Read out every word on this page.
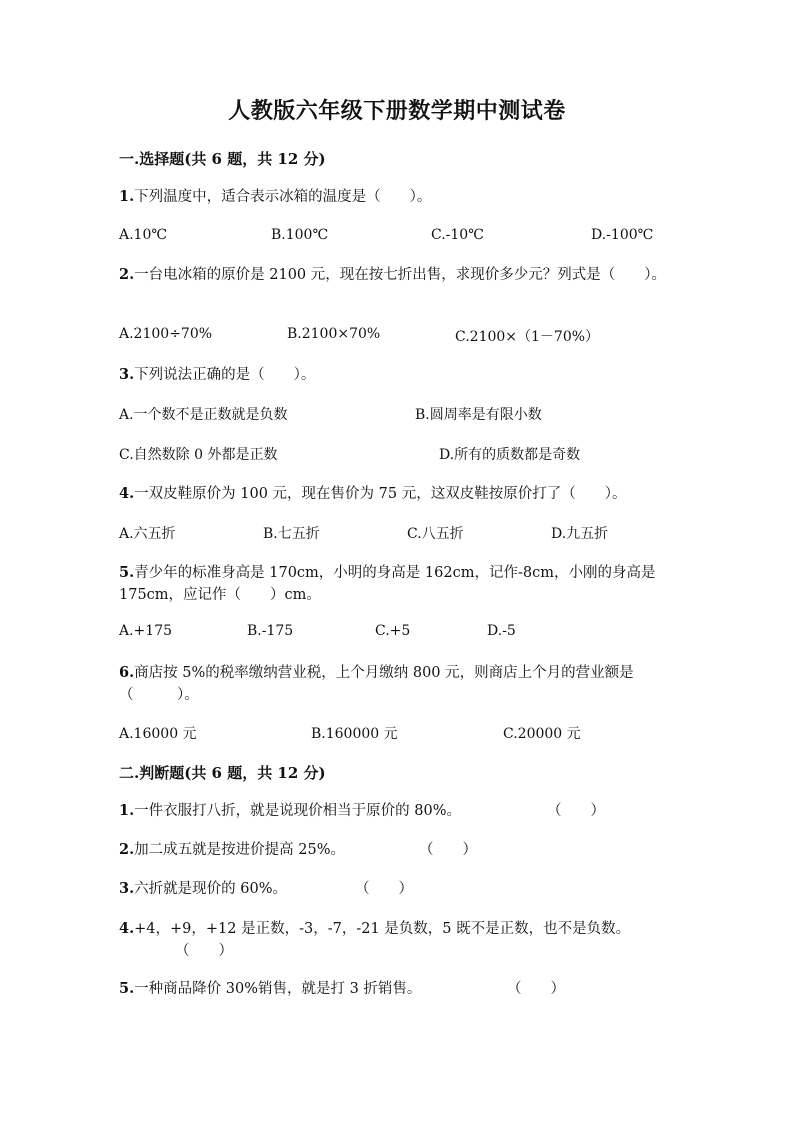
人教版六年级下册数学期中测试卷
一.选择题(共 6 题，共 12 分)
1.下列温度中，适合表示冰箱的温度是（　　）。
A.10℃	B.100℃	C.-10℃	D.-100℃
2.一台电冰箱的原价是 2100 元，现在按七折出售，求现价多少元？列式是（　　）。
A.2100÷70%	B.2100×70%	C.2100×（1－70%）
3.下列说法正确的是（　　）。
A.一个数不是正数就是负数	B.圆周率是有限小数
C.自然数除 0 外都是正数	D.所有的质数都是奇数
4.一双皮鞋原价为 100 元，现在售价为 75 元，这双皮鞋按原价打了（　　）。
A.六五折	B.七五折	C.八五折	D.九五折
5.青少年的标准身高是 170cm，小明的身高是 162cm，记作-8cm，小刚的身高是 175cm，应记作（　　）cm。
A.+175	B.-175	C.+5	D.-5
6.商店按 5%的税率缴纳营业税，上个月缴纳 800 元，则商店上个月的营业额是（　　　）。
A.16000 元	B.160000 元	C.20000 元
二.判断题(共 6 题，共 12 分)
1.一件衣服打八折，就是说现价相当于原价的 80%。	（　　）
2.加二成五就是按进价提高 25%。	（　　）
3.六折就是现价的 60%。	（　　）
4.+4，+9，+12 是正数，-3，-7，-21 是负数，5 既不是正数，也不是负数。
（　　）
5.一种商品降价 30%销售，就是打 3 折销售。	（　　）
